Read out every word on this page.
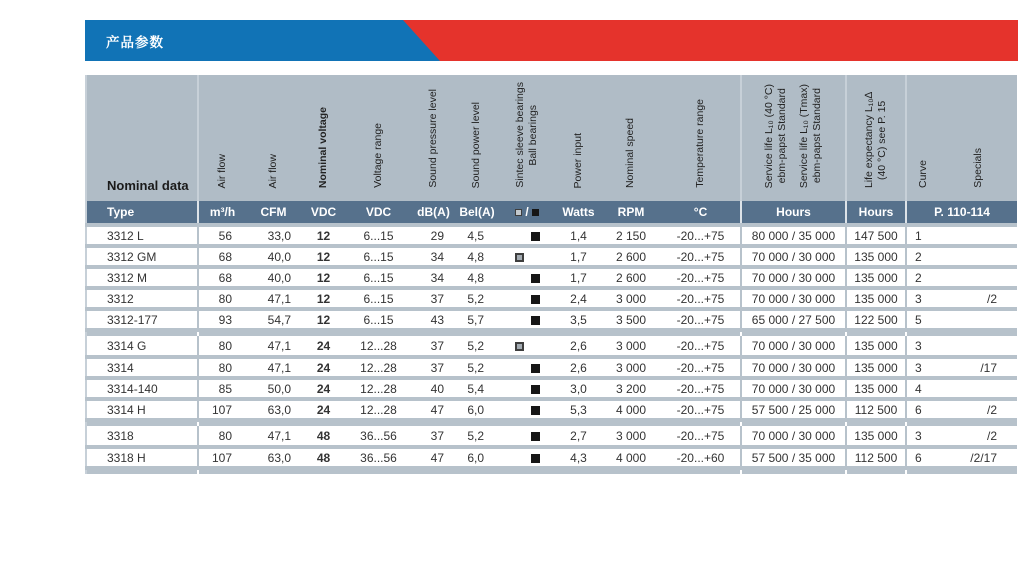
产品参数
Nominal data	Air flow	Air flow	Nominal voltage	Voltage range	Sound pressure level	Sound power level	Sintec sleeve bearings Ball bearings	Power input	Nominal speed	Temperature range	Service life L₁₀ (40 °C) ebm-papst Standard
Service life L₁₀ (Tmax) ebm-papst Standard	Life expectancy L₁₀∆ (40 °C) see P. 15	Curve	Specials

Type	m³/h	CFM	VDC	VDC	dB(A)	Bel(A)	/	Watts	RPM	°C	Hours	Hours	P. 110-114	
3312 L	56	33,0	12	6...15	29	4,5		1,4	2 150	-20...+75	80 000 / 35 000	147 500	1	
3312 GM	68	40,0	12	6...15	34	4,8		1,7	2 600	-20...+75	70 000 / 30 000	135 000	2	
3312 M	68	40,0	12	6...15	34	4,8		1,7	2 600	-20...+75	70 000 / 30 000	135 000	2	
3312	80	47,1	12	6...15	37	5,2		2,4	3 000	-20...+75	70 000 / 30 000	135 000	3	/2
3312-177	93	54,7	12	6...15	43	5,7		3,5	3 500	-20...+75	65 000 / 27 500	122 500	5	

3314 G	80	47,1	24	12...28	37	5,2		2,6	3 000	-20...+75	70 000 / 30 000	135 000	3	
3314	80	47,1	24	12...28	37	5,2		2,6	3 000	-20...+75	70 000 / 30 000	135 000	3	/17
3314-140	85	50,0	24	12...28	40	5,4		3,0	3 200	-20...+75	70 000 / 30 000	135 000	4	
3314 H	107	63,0	24	12...28	47	6,0		5,3	4 000	-20...+75	57 500 / 25 000	112 500	6	/2

3318	80	47,1	48	36...56	37	5,2		2,7	3 000	-20...+75	70 000 / 30 000	135 000	3	/2
3318 H	107	63,0	48	36...56	47	6,0		4,3	4 000	-20...+60	57 500 / 35 000	112 500	6	/2/17
